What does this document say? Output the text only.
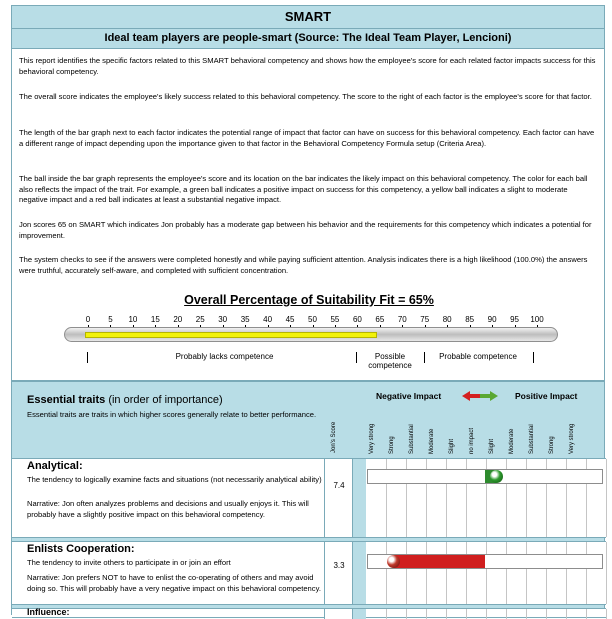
SMART
Ideal team players are people-smart (Source: The Ideal Team Player, Lencioni)
This report identifies the specific factors related to this SMART behavioral competency and shows how the employee's score for each related factor impacts success for this behavioral competency.
The overall score indicates the employee's likely success related to this behavioral competency. The score to the right of each factor is the employee's score for that factor.
The length of the bar graph next to each factor indicates the potential range of impact that factor can have on success for this behavioral competency. Each factor can have a different range of impact depending upon the importance given to that factor in the Behavioral Competency Formula setup (Criteria Area).
The ball inside the bar graph represents the employee's score and its location on the bar indicates the likely impact on this behavioral competency. The color for each ball also reflects the impact of the trait. For example, a green ball indicates a positive impact on success for this competency, a yellow ball indicates a slight to moderate negative impact and a red ball indicates at least a substantial negative impact.
Jon scores 65 on SMART which indicates Jon probably has a moderate gap between his behavior and the requirements for this competency which indicates a potential for improvement.
The system checks to see if the answers were completed honestly and while paying sufficient attention. Analysis indicates there is a high likelihood (100.0%) the answers were truthful, accurately self-aware, and completed with sufficient concentration.
Overall Percentage of Suitability Fit = 65%
0	5	10	15	20	25	30	35	40	45	50	55	60	65	70	75	80	85	90	95	100
Probably lacks competence	Possible competence
Probable competence
Essential traits (in order of importance)
Essential traits are traits in which higher scores generally relate to better performance.
Negative Impact	Positive Impact
Jon's Score	Very strong Strong Substantial Moderate Slight no impact Slight Moderate Substantial Strong Very strong
Analytical:
The tendency to logically examine facts and situations (not necessarily analytical ability)
Narrative: Jon often analyzes problems and decisions and usually enjoys it. This will probably have a slightly positive impact on this behavioral competency.
7.4
Enlists Cooperation:
The tendency to invite others to participate in or join an effort
Narrative: Jon prefers NOT to have to enlist the co-operating of others and may avoid doing so. This will probably have a very negative impact on this behavioral competency.
3.3
Influence:
